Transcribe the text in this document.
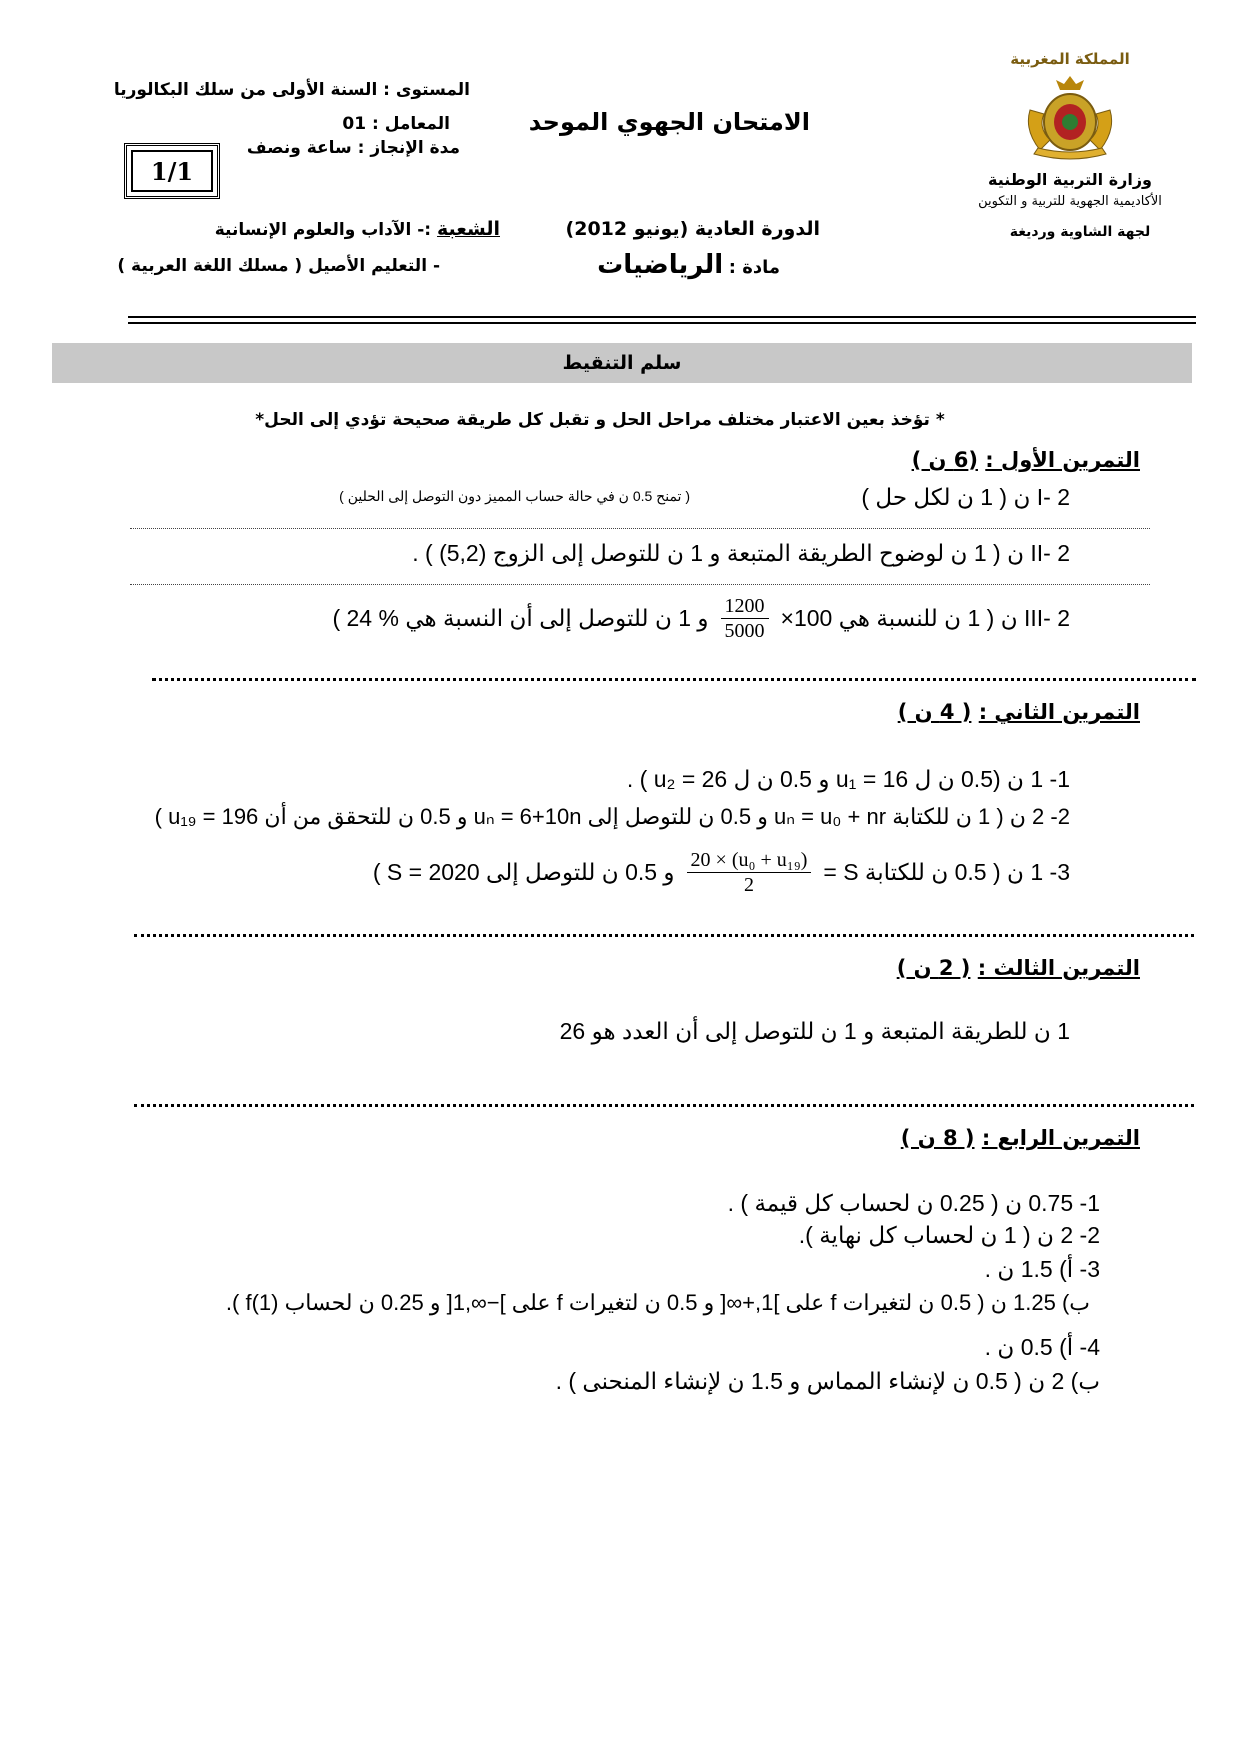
المملكة المغربية
وزارة التربية الوطنية
الأكاديمية الجهوية للتربية و التكوين
لجهة الشاوية ورديغة
الامتحان الجهوي الموحد
المستوى : السنة الأولى من سلك البكالوريا
المعامل : 01
مدة الإنجاز : ساعة ونصف
1/1
الدورة العادية (يونيو 2012)
مادة : الرياضيات
الشعبة :- الآداب والعلوم الإنسانية
- التعليم الأصيل ( مسلك اللغة العربية )
سلم التنقيط
* تؤخذ بعين الاعتبار مختلف مراحل الحل و تقبل كل طريقة صحيحة تؤدي إلى الحل*
التمرين الأول : (6 ن )
I- 2 ن ( 1 ن لكل حل )
( تمنح 0.5 ن في حالة حساب المميز دون التوصل إلى الحلين )
II- 2 ن ( 1 ن لوضوح الطريقة المتبعة و 1 ن للتوصل إلى الزوج (5,2) ) .
III- 2 ن ( 1 ن للنسبة هي 100×
$\frac{1200}{5000}$
و 1 ن للتوصل إلى أن النسبة هي % 24 )
التمرين الثاني : ( 4 ن )
1- 1 ن (0.5 ن ل u₁ = 16 و 0.5 ن ل u₂ = 26 ) .
2- 2 ن ( 1 ن للكتابة uₙ = u₀ + nr و 0.5 ن للتوصل إلى uₙ = 6+10n و 0.5 ن للتحقق من أن u₁₉ = 196 )
3- 1 ن ( 0.5 ن للكتابة S =
$\frac{\text{(u₀ + u₁₉) × 20}}{2}$
و 0.5 ن للتوصل إلى S = 2020 )
التمرين الثالث : ( 2 ن )
1 ن للطريقة المتبعة و 1 ن للتوصل إلى أن العدد هو 26
التمرين الرابع : ( 8 ن )
1- 0.75 ن ( 0.25 ن لحساب كل قيمة ) .
2- 2 ن ( 1 ن لحساب كل نهاية ).
3- أ) 1.5 ن .
ب) 1.25 ن ( 0.5 ن لتغيرات f على ]1,+∞[ و 0.5 ن لتغيرات f على ]−∞,1[ و 0.25 ن لحساب f(1) ).
4- أ) 0.5 ن .
ب) 2 ن ( 0.5 ن لإنشاء المماس و 1.5 ن لإنشاء المنحنى ) .
